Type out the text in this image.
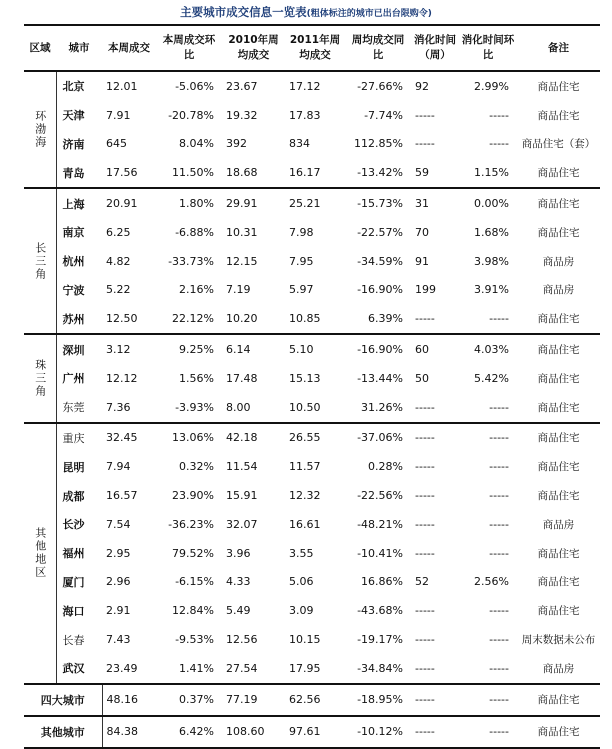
主要城市成交信息一览表(粗体标注的城市已出台限购令)
区域	城市	本周成交	本周成交环比	2010年周均成交	2011年周均成交	周均成交同比	消化时间（周）	消化时间环比	备注
环渤海	北京	12.01	-5.06%	23.67	17.12	-27.66%	92	2.99%	商品住宅
	天津	7.91	-20.78%	19.32	17.83	-7.74%	-----	-----	商品住宅
	济南	645	8.04%	392	834	112.85%	-----	-----	商品住宅（套）
	青岛	17.56	11.50%	18.68	16.17	-13.42%	59	1.15%	商品住宅
长三角	上海	20.91	1.80%	29.91	25.21	-15.73%	31	0.00%	商品住宅
	南京	6.25	-6.88%	10.31	7.98	-22.57%	70	1.68%	商品住宅
	杭州	4.82	-33.73%	12.15	7.95	-34.59%	91	3.98%	商品房
	宁波	5.22	2.16%	7.19	5.97	-16.90%	199	3.91%	商品房
	苏州	12.50	22.12%	10.20	10.85	6.39%	-----	-----	商品住宅
珠三角	深圳	3.12	9.25%	6.14	5.10	-16.90%	60	4.03%	商品住宅
	广州	12.12	1.56%	17.48	15.13	-13.44%	50	5.42%	商品住宅
	东莞	7.36	-3.93%	8.00	10.50	31.26%	-----	-----	商品住宅
其他地区	重庆	32.45	13.06%	42.18	26.55	-37.06%	-----	-----	商品住宅
	昆明	7.94	0.32%	11.54	11.57	0.28%	-----	-----	商品住宅
	成都	16.57	23.90%	15.91	12.32	-22.56%	-----	-----	商品住宅
	长沙	7.54	-36.23%	32.07	16.61	-48.21%	-----	-----	商品房
	福州	2.95	79.52%	3.96	3.55	-10.41%	-----	-----	商品住宅
	厦门	2.96	-6.15%	4.33	5.06	16.86%	52	2.56%	商品住宅
	海口	2.91	12.84%	5.49	3.09	-43.68%	-----	-----	商品住宅
	长春	7.43	-9.53%	12.56	10.15	-19.17%	-----	-----	周末数据未公布
	武汉	23.49	1.41%	27.54	17.95	-34.84%	-----	-----	商品房
四大城市		48.16	0.37%	77.19	62.56	-18.95%	-----	-----	商品住宅
其他城市		84.38	6.42%	108.60	97.61	-10.12%	-----	-----	商品住宅
